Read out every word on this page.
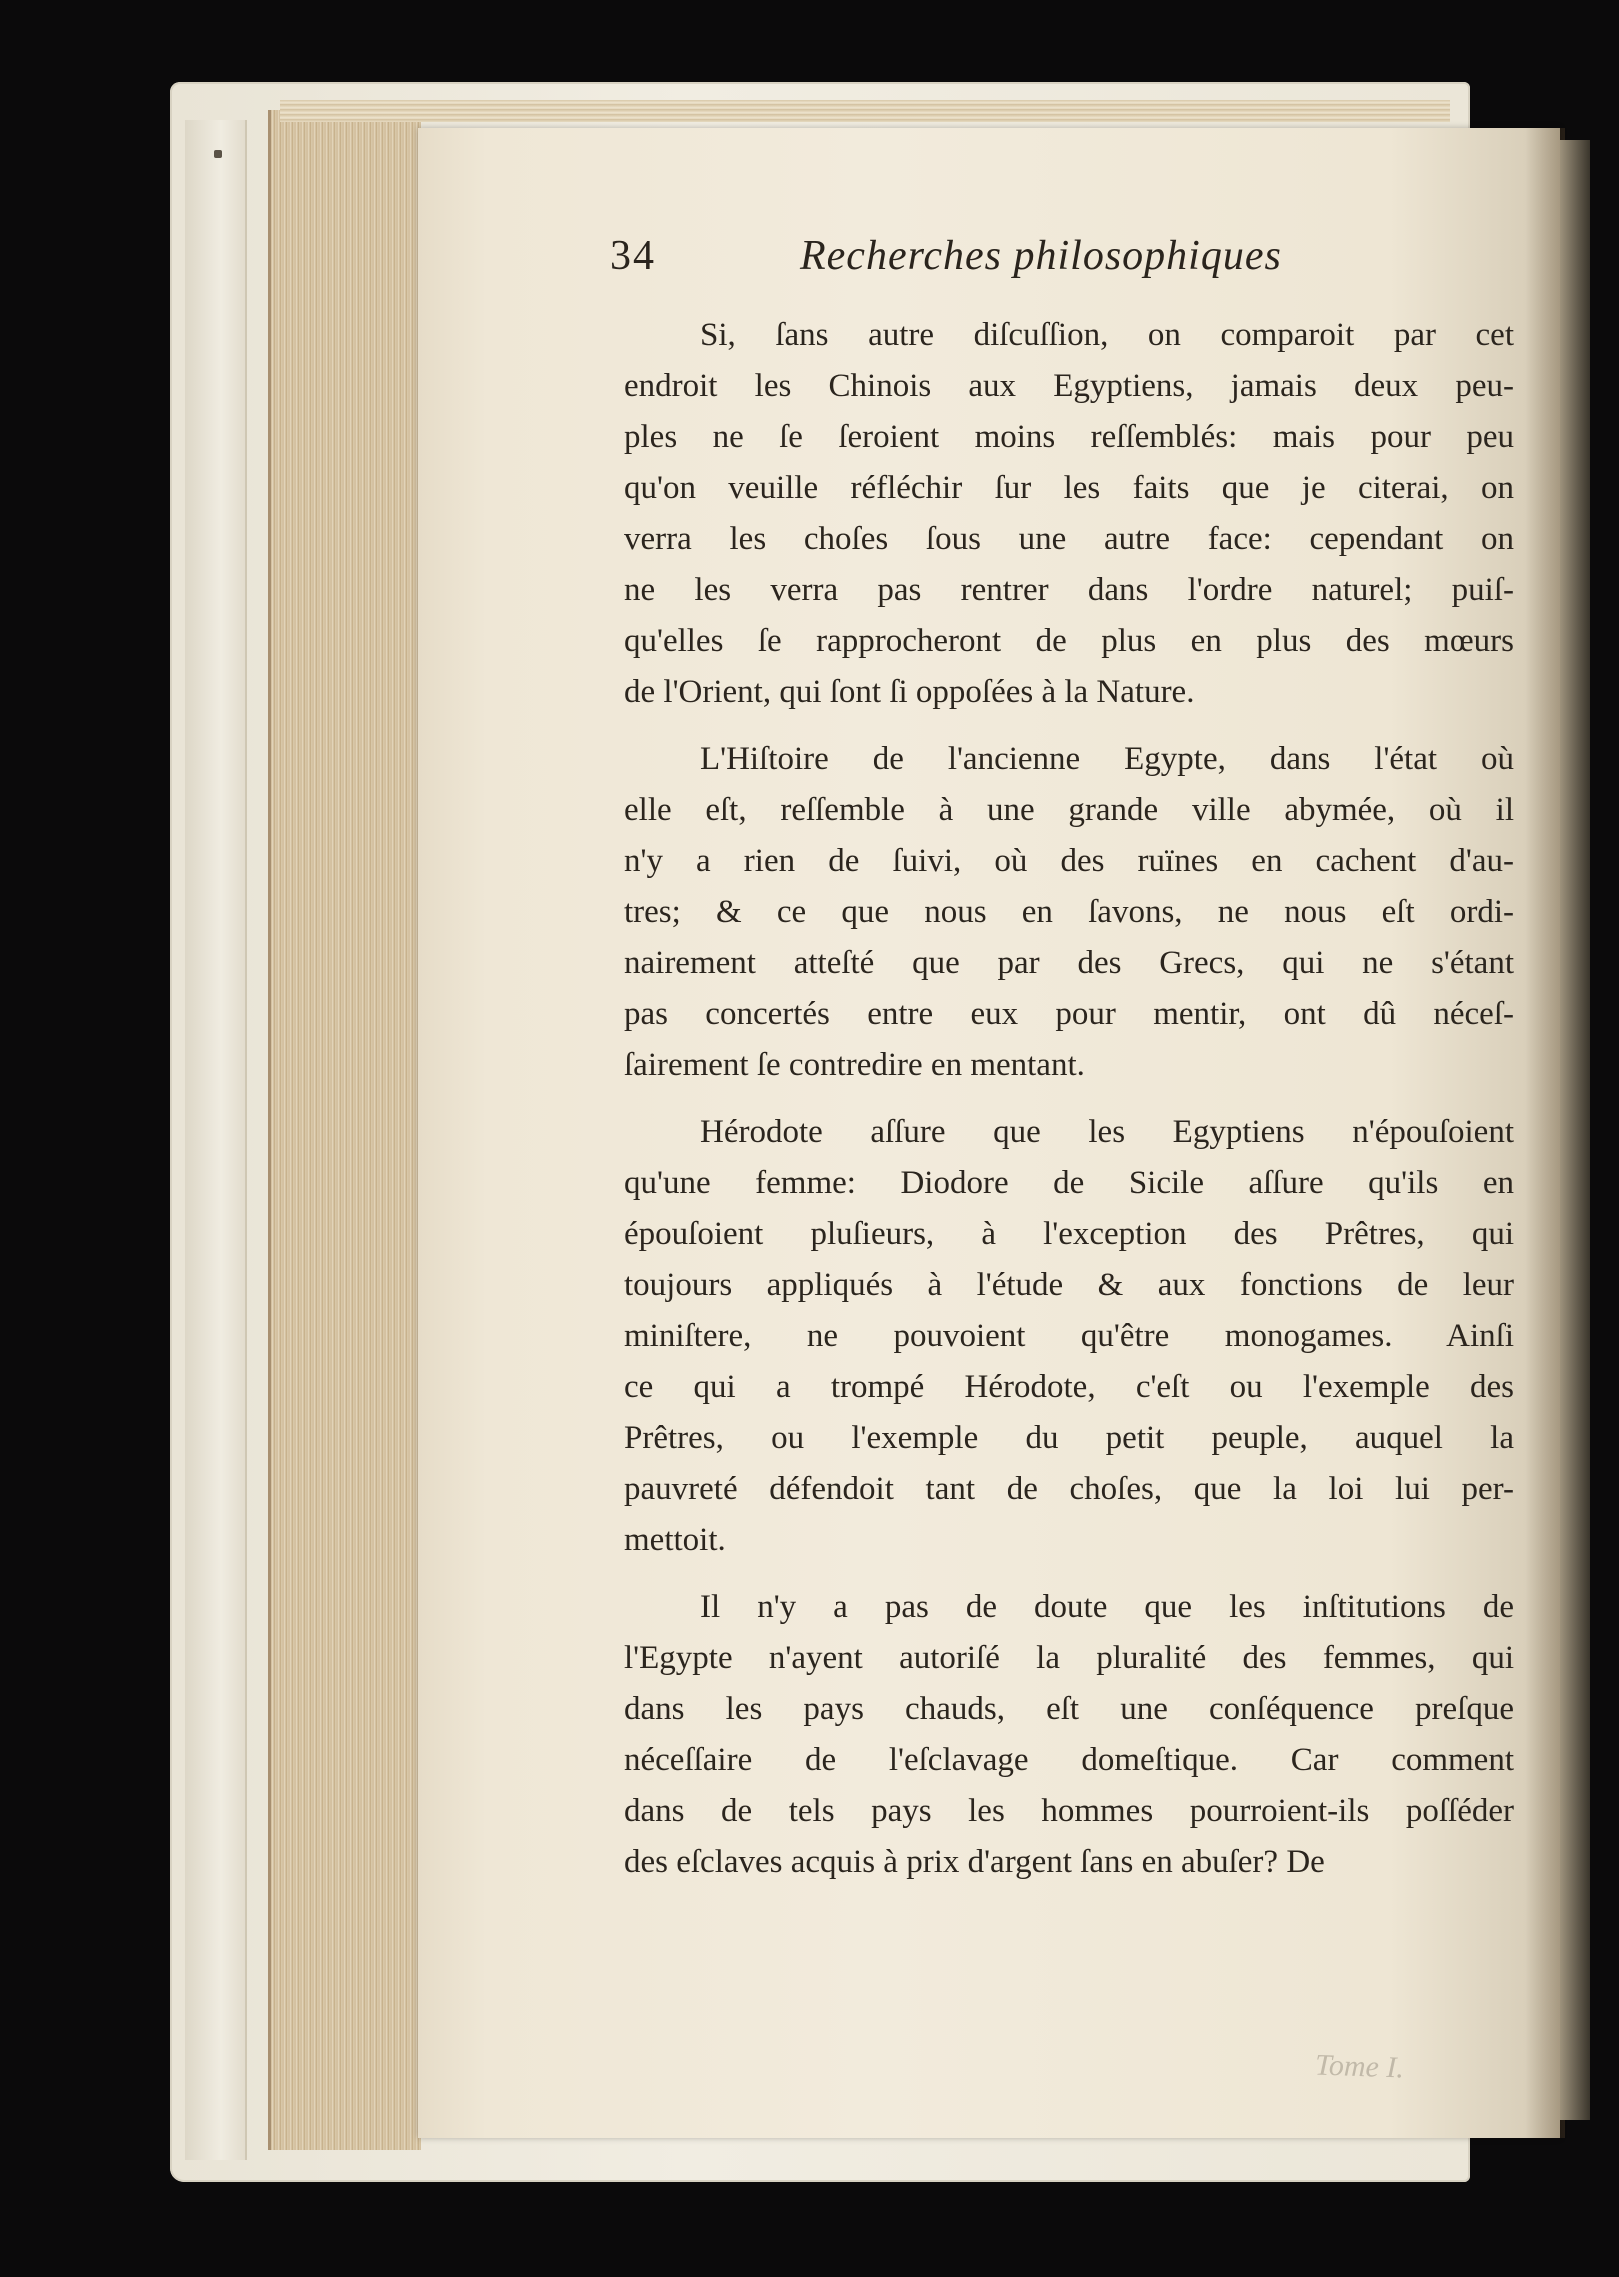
34	Recherches philosophiques
Si, ſans autre diſcuſſion, on comparoit par cet
endroit les Chinois aux Egyptiens, jamais deux peu-
ples ne ſe ſeroient moins reſſemblés: mais pour peu
qu'on veuille réfléchir ſur les faits que je citerai, on
verra les choſes ſous une autre face: cependant on
ne les verra pas rentrer dans l'ordre naturel; puiſ-
qu'elles ſe rapprocheront de plus en plus des mœurs
de l'Orient, qui ſont ſi oppoſées à la Nature.
L'Hiſtoire de l'ancienne Egypte, dans l'état où
elle eſt, reſſemble à une grande ville abymée, où il
n'y a rien de ſuivi, où des ruïnes en cachent d'au-
tres; & ce que nous en ſavons, ne nous eſt ordi-
nairement atteſté que par des Grecs, qui ne s'étant
pas concertés entre eux pour mentir, ont dû néceſ-
ſairement ſe contredire en mentant.
Hérodote aſſure que les Egyptiens n'épouſoient
qu'une femme: Diodore de Sicile aſſure qu'ils en
épouſoient pluſieurs, à l'exception des Prêtres, qui
toujours appliqués à l'étude & aux fonctions de leur
miniſtere, ne pouvoient qu'être monogames. Ainſi
ce qui a trompé Hérodote, c'eſt ou l'exemple des
Prêtres, ou l'exemple du petit peuple, auquel la
pauvreté défendoit tant de choſes, que la loi lui per-
mettoit.
Il n'y a pas de doute que les inſtitutions de
l'Egypte n'ayent autoriſé la pluralité des femmes, qui
dans les pays chauds, eſt une conſéquence preſque
néceſſaire de l'eſclavage domeſtique. Car comment
dans de tels pays les hommes pourroient-ils poſſéder
des eſclaves acquis à prix d'argent ſans en abuſer? De
Tome I.
